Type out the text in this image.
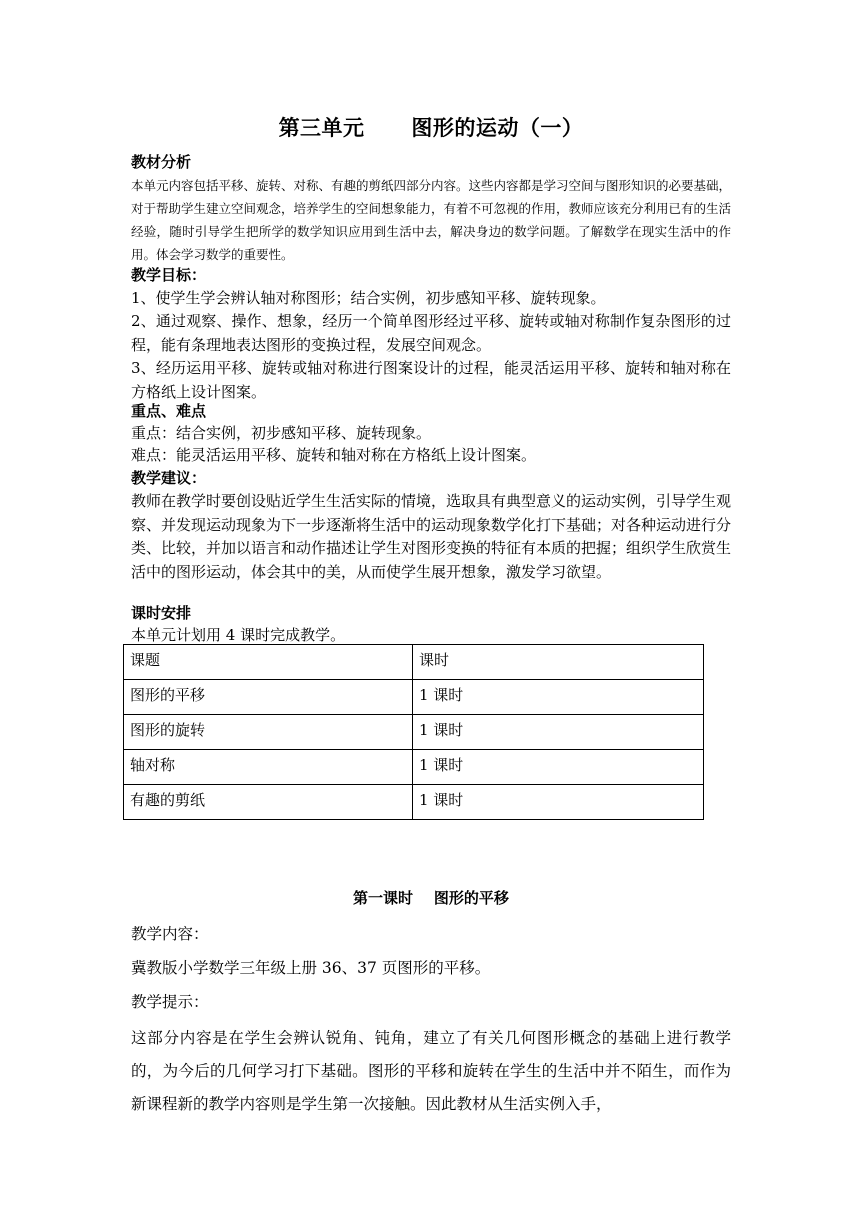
第三单元      图形的运动（一）
教材分析

本单元内容包括平移、旋转、对称、有趣的剪纸四部分内容。这些内容都是学习空间与图形知识的必要基础，对于帮助学生建立空间观念，培养学生的空间想象能力，有着不可忽视的作用，教师应该充分利用已有的生活经验，随时引导学生把所学的数学知识应用到生活中去，解决身边的数学问题。了解数学在现实生活中的作用。体会学习数学的重要性。

教学目标：

1、使学生学会辨认轴对称图形；结合实例，初步感知平移、旋转现象。

2、通过观察、操作、想象，经历一个简单图形经过平移、旋转或轴对称制作复杂图形的过程，能有条理地表达图形的变换过程，发展空间观念。

3、经历运用平移、旋转或轴对称进行图案设计的过程，能灵活运用平移、旋转和轴对称在方格纸上设计图案。

重点、难点
重点：结合实例，初步感知平移、旋转现象。
难点：能灵活运用平移、旋转和轴对称在方格纸上设计图案。
教学建议：

教师在教学时要创设贴近学生生活实际的情境，选取具有典型意义的运动实例，引导学生观察、并发现运动现象为下一步逐渐将生活中的运动现象数学化打下基础；对各种运动进行分类、比较，并加以语言和动作描述让学生对图形变换的特征有本质的把握；组织学生欣赏生活中的图形运动，体会其中的美，从而使学生展开想象，激发学习欲望。

课时安排
本单元计划用 4 课时完成教学。
课题	课时
图形的平移	1 课时
图形的旋转	1 课时
轴对称	1 课时
有趣的剪纸	1 课时
第一课时    图形的平移
教学内容：
冀教版小学数学三年级上册 36、37 页图形的平移。
教学提示：

这部分内容是在学生会辨认锐角、钝角，建立了有关几何图形概念的基础上进行教学的，为今后的几何学习打下基础。图形的平移和旋转在学生的生活中并不陌生，而作为新课程新的教学内容则是学生第一次接触。因此教材从生活实例入手，
